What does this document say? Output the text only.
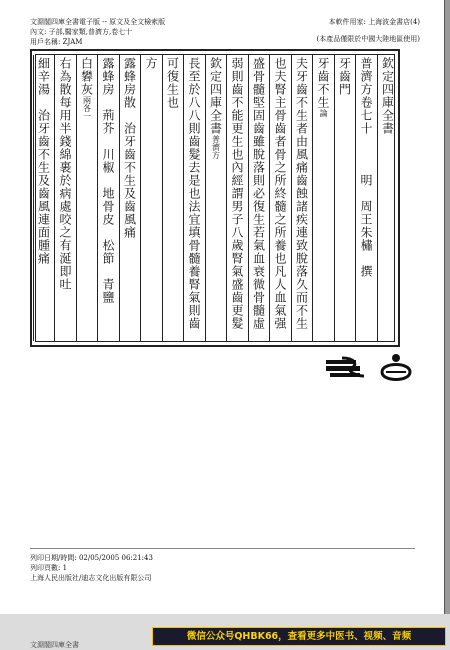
文淵閣四庫全書電子版 -- 原文及全文檢索版
內文: 子部,醫家類,普濟方,卷七十
用戶名稱: ZJAM
本軟件用家: 上海波金書店(4)
(本產品僅限於中國大陸地區使用)
欽定四庫全書
普濟方卷七十　　　明　周王朱橚　撰
牙齒門
牙齒不生論
夫牙齒不生者由風痛齒蝕諸疾連致脫落久而不生
也夫腎主骨齒者骨之所終髓之所養也凡人血氣强
盛骨髓堅固齒雖脫落則必復生若氣血衰微骨髓虛
弱則齒不能更生也內經謂男子八歲腎氣盛齒更髮
欽定四庫全書普濟方
長至於八八則齒髮去是也法宜填骨髓養腎氣則齒
可復生也
方
露蜂房散　治牙齒不生及齒風痛
露蜂房　荊芥　川椒　地骨皮　松節　青鹽
白礬灰兩各一
右為散每用半錢綿裹於病處咬之有涎即吐
細辛湯　治牙齒不生及齒風連面腫痛
列印日期/時間: 02/05/2005 06:21:43
列印頁數: 1
上海人民出版社/迪志文化出版有限公司
文淵閣四庫全書
微信公众号QHBK66，查看更多中医书、视频、音频
